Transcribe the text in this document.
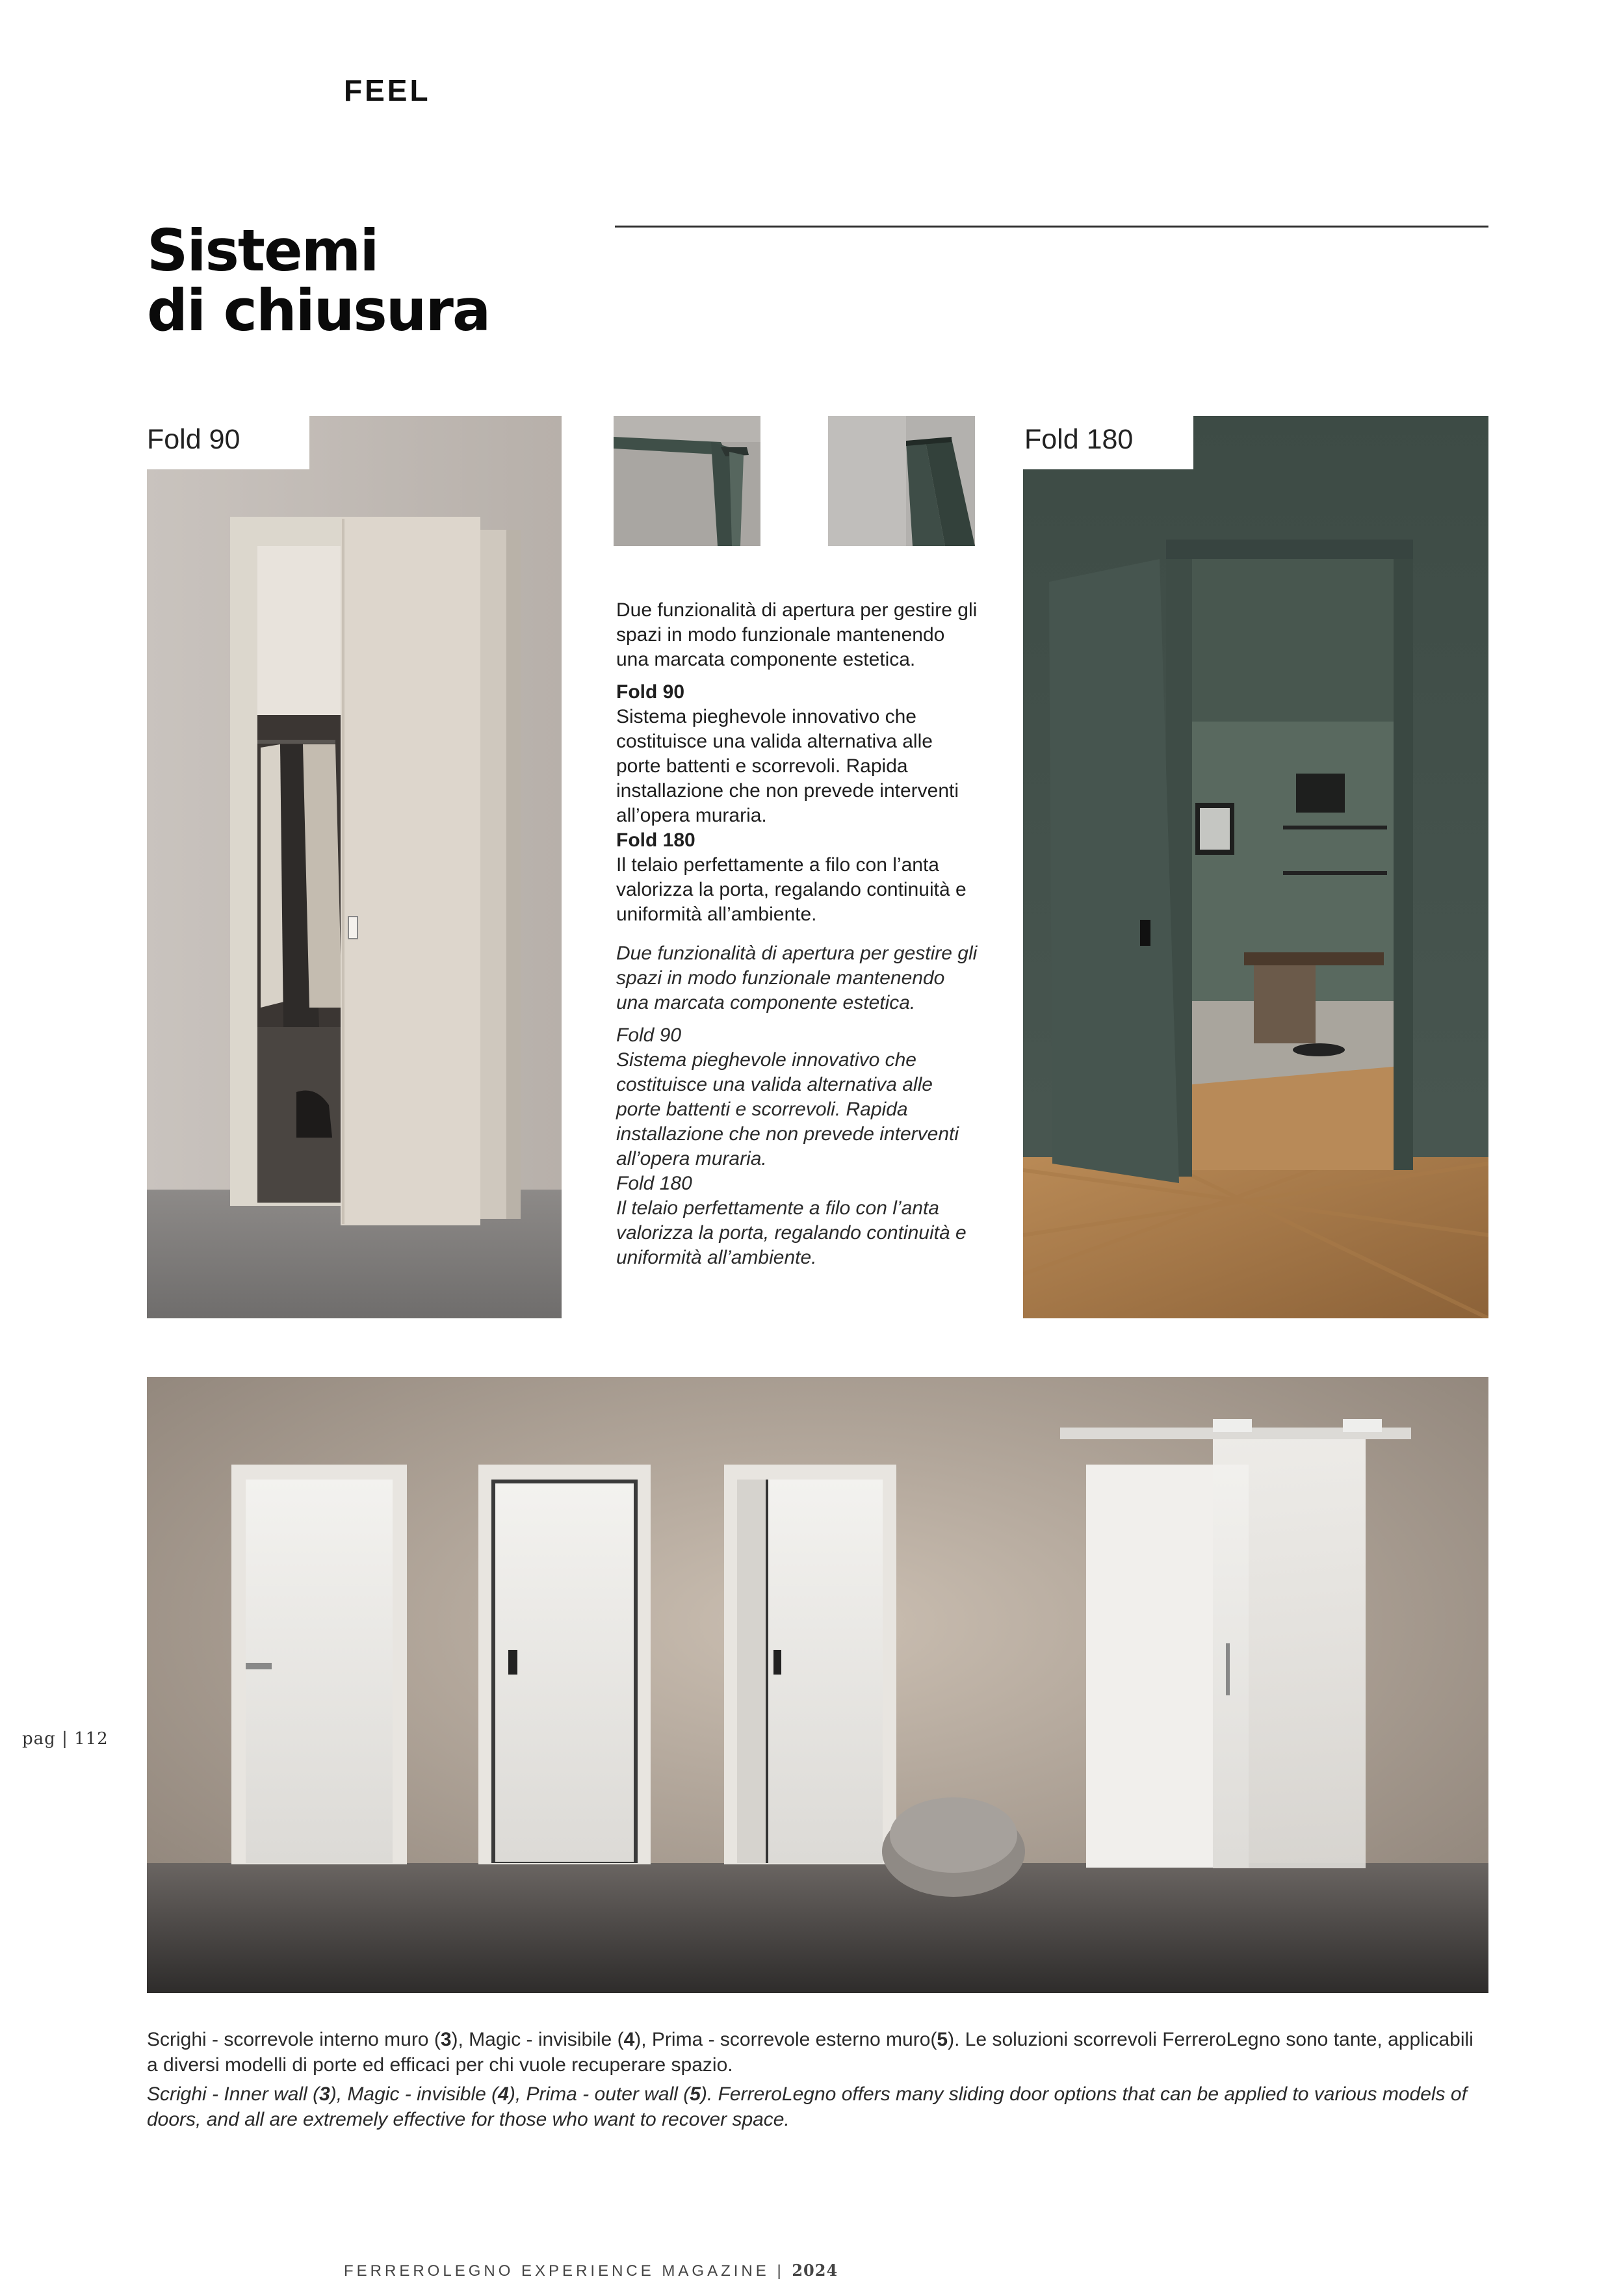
FEEL
Sistemi
di chiusura
Fold 90	Fold 180

Due funzionalità di apertura per gestire gli spazi in modo funzionale mantenendo una marcata componente estetica.

Fold 90

Sistema pieghevole innovativo che costituisce una valida alternativa alle porte battenti e scorrevoli. Rapida installazione che non prevede interventi all’opera muraria.

Fold 180

Il telaio perfettamente a filo con l’anta valorizza la porta, regalando continuità e uniformità all’ambiente.

Due funzionalità di apertura per gestire gli spazi in modo funzionale mantenendo una marcata componente estetica.

Fold 90

Sistema pieghevole innovativo che costituisce una valida alternativa alle porte battenti e scorrevoli. Rapida installazione che non prevede interventi all’opera muraria.

Fold 180

Il telaio perfettamente a filo con l’anta valorizza la porta, regalando continuità e uniformità all’ambiente.

Scrighi - scorrevole interno muro (3), Magic - invisibile (4), Prima - scorrevole esterno muro(5). Le soluzioni scorrevoli FerreroLegno sono tante, applicabili a diversi modelli di porte ed efficaci per chi vuole recuperare spazio.

Scrighi - Inner wall (3), Magic - invisible (4), Prima - outer wall (5). FerreroLegno offers many sliding door options that can be applied to various models of doors, and all are extremely effective for those who want to recover space.

pag | 112
FERREROLEGNO EXPERIENCE MAGAZINE | 2024
